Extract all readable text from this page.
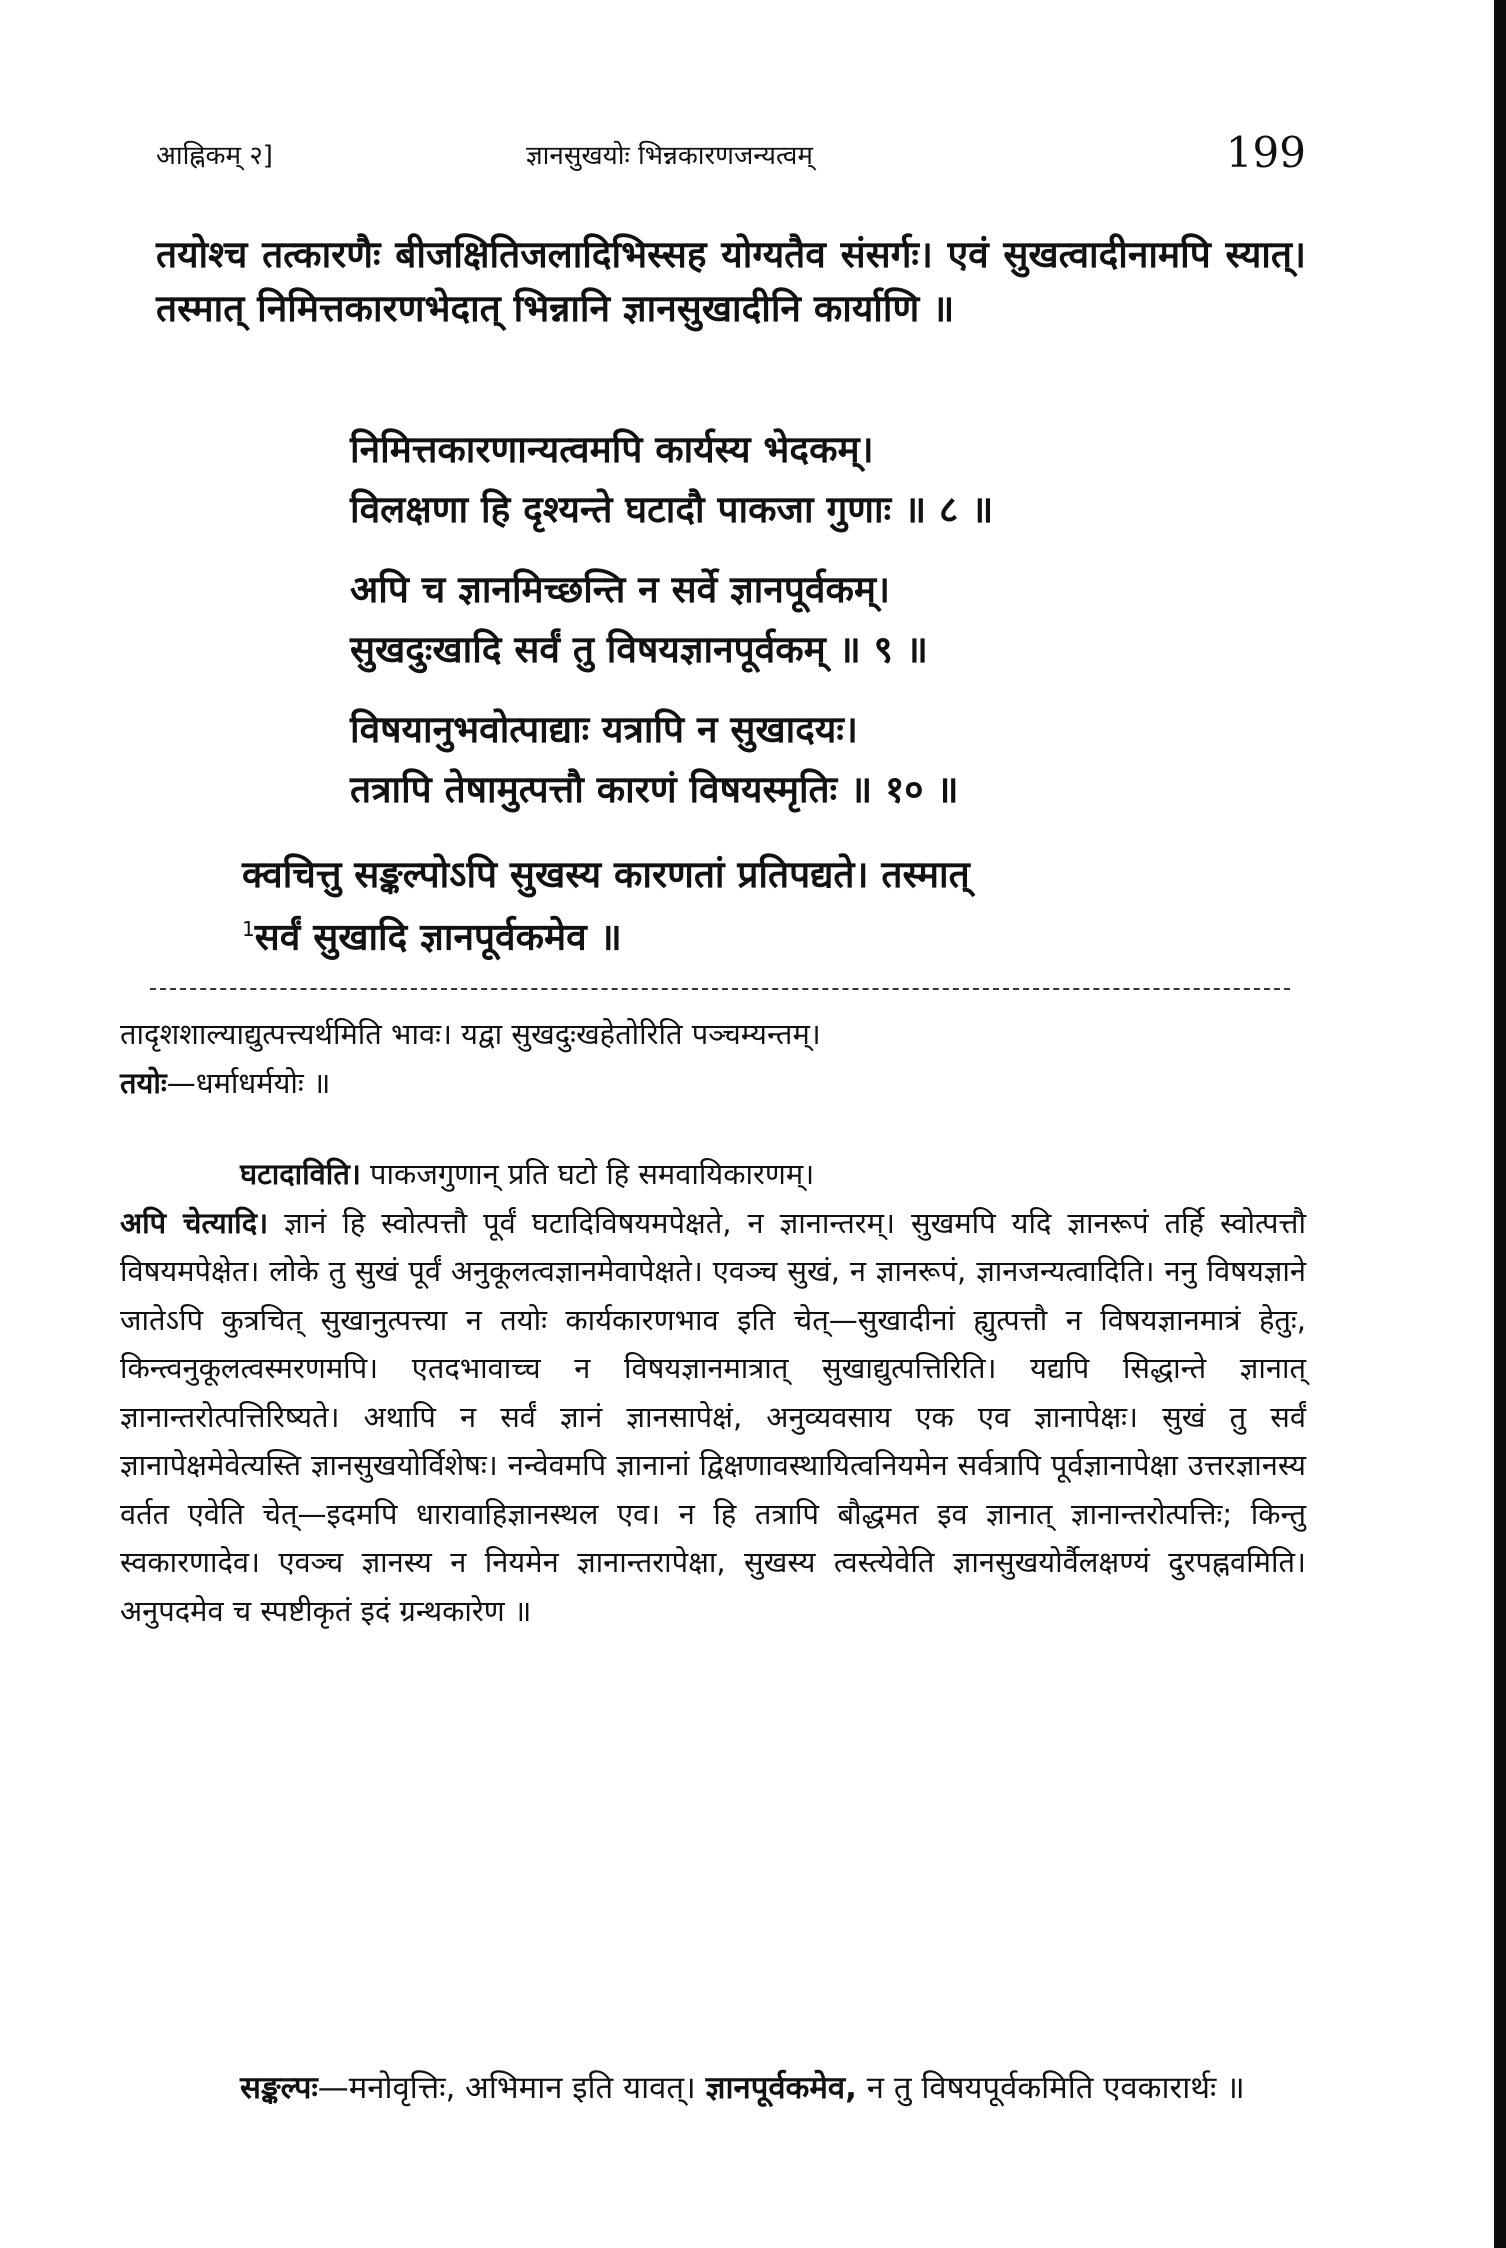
आह्निकम् २]	ज्ञानसुखयोः भिन्नकारणजन्यत्वम्	199

तयोश्च तत्कारणैः बीजक्षितिजलादिभिस्सह योग्यतैव संसर्गः। एवं सुखत्वादीनामपि स्यात्। तस्मात् निमित्तकारणभेदात् भिन्नानि ज्ञानसुखादीनि कार्याणि ॥

निमित्तकारणान्यत्वमपि कार्यस्य भेदकम्।
विलक्षणा हि दृश्यन्ते घटादौ पाकजा गुणाः ॥ ८ ॥
अपि च ज्ञानमिच्छन्ति न सर्वे ज्ञानपूर्वकम्।
सुखदुःखादि सर्वं तु विषयज्ञानपूर्वकम् ॥ ९ ॥
विषयानुभवोत्पाद्याः यत्रापि न सुखादयः।
तत्रापि तेषामुत्पत्तौ कारणं विषयस्मृतिः ॥ १० ॥

क्वचित्तु सङ्कल्पोऽपि सुखस्य कारणतां प्रतिपद्यते। तस्मात्
$^1$सर्वं सुखादि ज्ञानपूर्वकमेव ॥

तादृशशाल्याद्युत्पत्त्यर्थमिति भावः। यद्वा सुखदुःखहेतोरिति पञ्चम्यन्तम्।

तयोः—धर्माधर्मयोः ॥

घटादाविति। पाकजगुणान् प्रति घटो हि समवायिकारणम्।
अपि चेत्यादि। ज्ञानं हि स्वोत्पत्तौ पूर्वं घटादिविषयमपेक्षते, न ज्ञानान्तरम्। सुखमपि यदि ज्ञानरूपं तर्हि स्वोत्पत्तौ विषयमपेक्षेत। लोके तु सुखं पूर्वं अनुकूलत्वज्ञानमेवापेक्षते। एवञ्च सुखं, न ज्ञानरूपं, ज्ञानजन्यत्वादिति। ननु विषयज्ञाने जातेऽपि कुत्रचित् सुखानुत्पत्त्या न तयोः कार्यकारणभाव इति चेत्—सुखादीनां ह्युत्पत्तौ न विषयज्ञानमात्रं हेतुः, किन्त्वनुकूलत्वस्मरणमपि। एतदभावाच्च न विषयज्ञानमात्रात् सुखाद्युत्पत्तिरिति। यद्यपि सिद्धान्ते ज्ञानात् ज्ञानान्तरोत्पत्तिरिष्यते। अथापि न सर्वं ज्ञानं ज्ञानसापेक्षं, अनुव्यवसाय एक एव ज्ञानापेक्षः। सुखं तु सर्वं ज्ञानापेक्षमेवेत्यस्ति ज्ञानसुखयोर्विशेषः। नन्वेवमपि ज्ञानानां द्विक्षणावस्थायित्वनियमेन सर्वत्रापि पूर्वज्ञानापेक्षा उत्तरज्ञानस्य वर्तत एवेति चेत्—इदमपि धारावाहिज्ञानस्थल एव। न हि तत्रापि बौद्धमत इव ज्ञानात् ज्ञानान्तरोत्पत्तिः; किन्तु स्वकारणादेव। एवञ्च ज्ञानस्य न नियमेन ज्ञानान्तरापेक्षा, सुखस्य त्वस्त्येवेति ज्ञानसुखयोर्वैलक्षण्यं दुरपह्नवमिति। अनुपदमेव च स्पष्टीकृतं इदं ग्रन्थकारेण ॥

सङ्कल्पः—मनोवृत्तिः, अभिमान इति यावत्। ज्ञानपूर्वकमेव, न तु विषयपूर्वकमिति एवकारार्थः ॥
